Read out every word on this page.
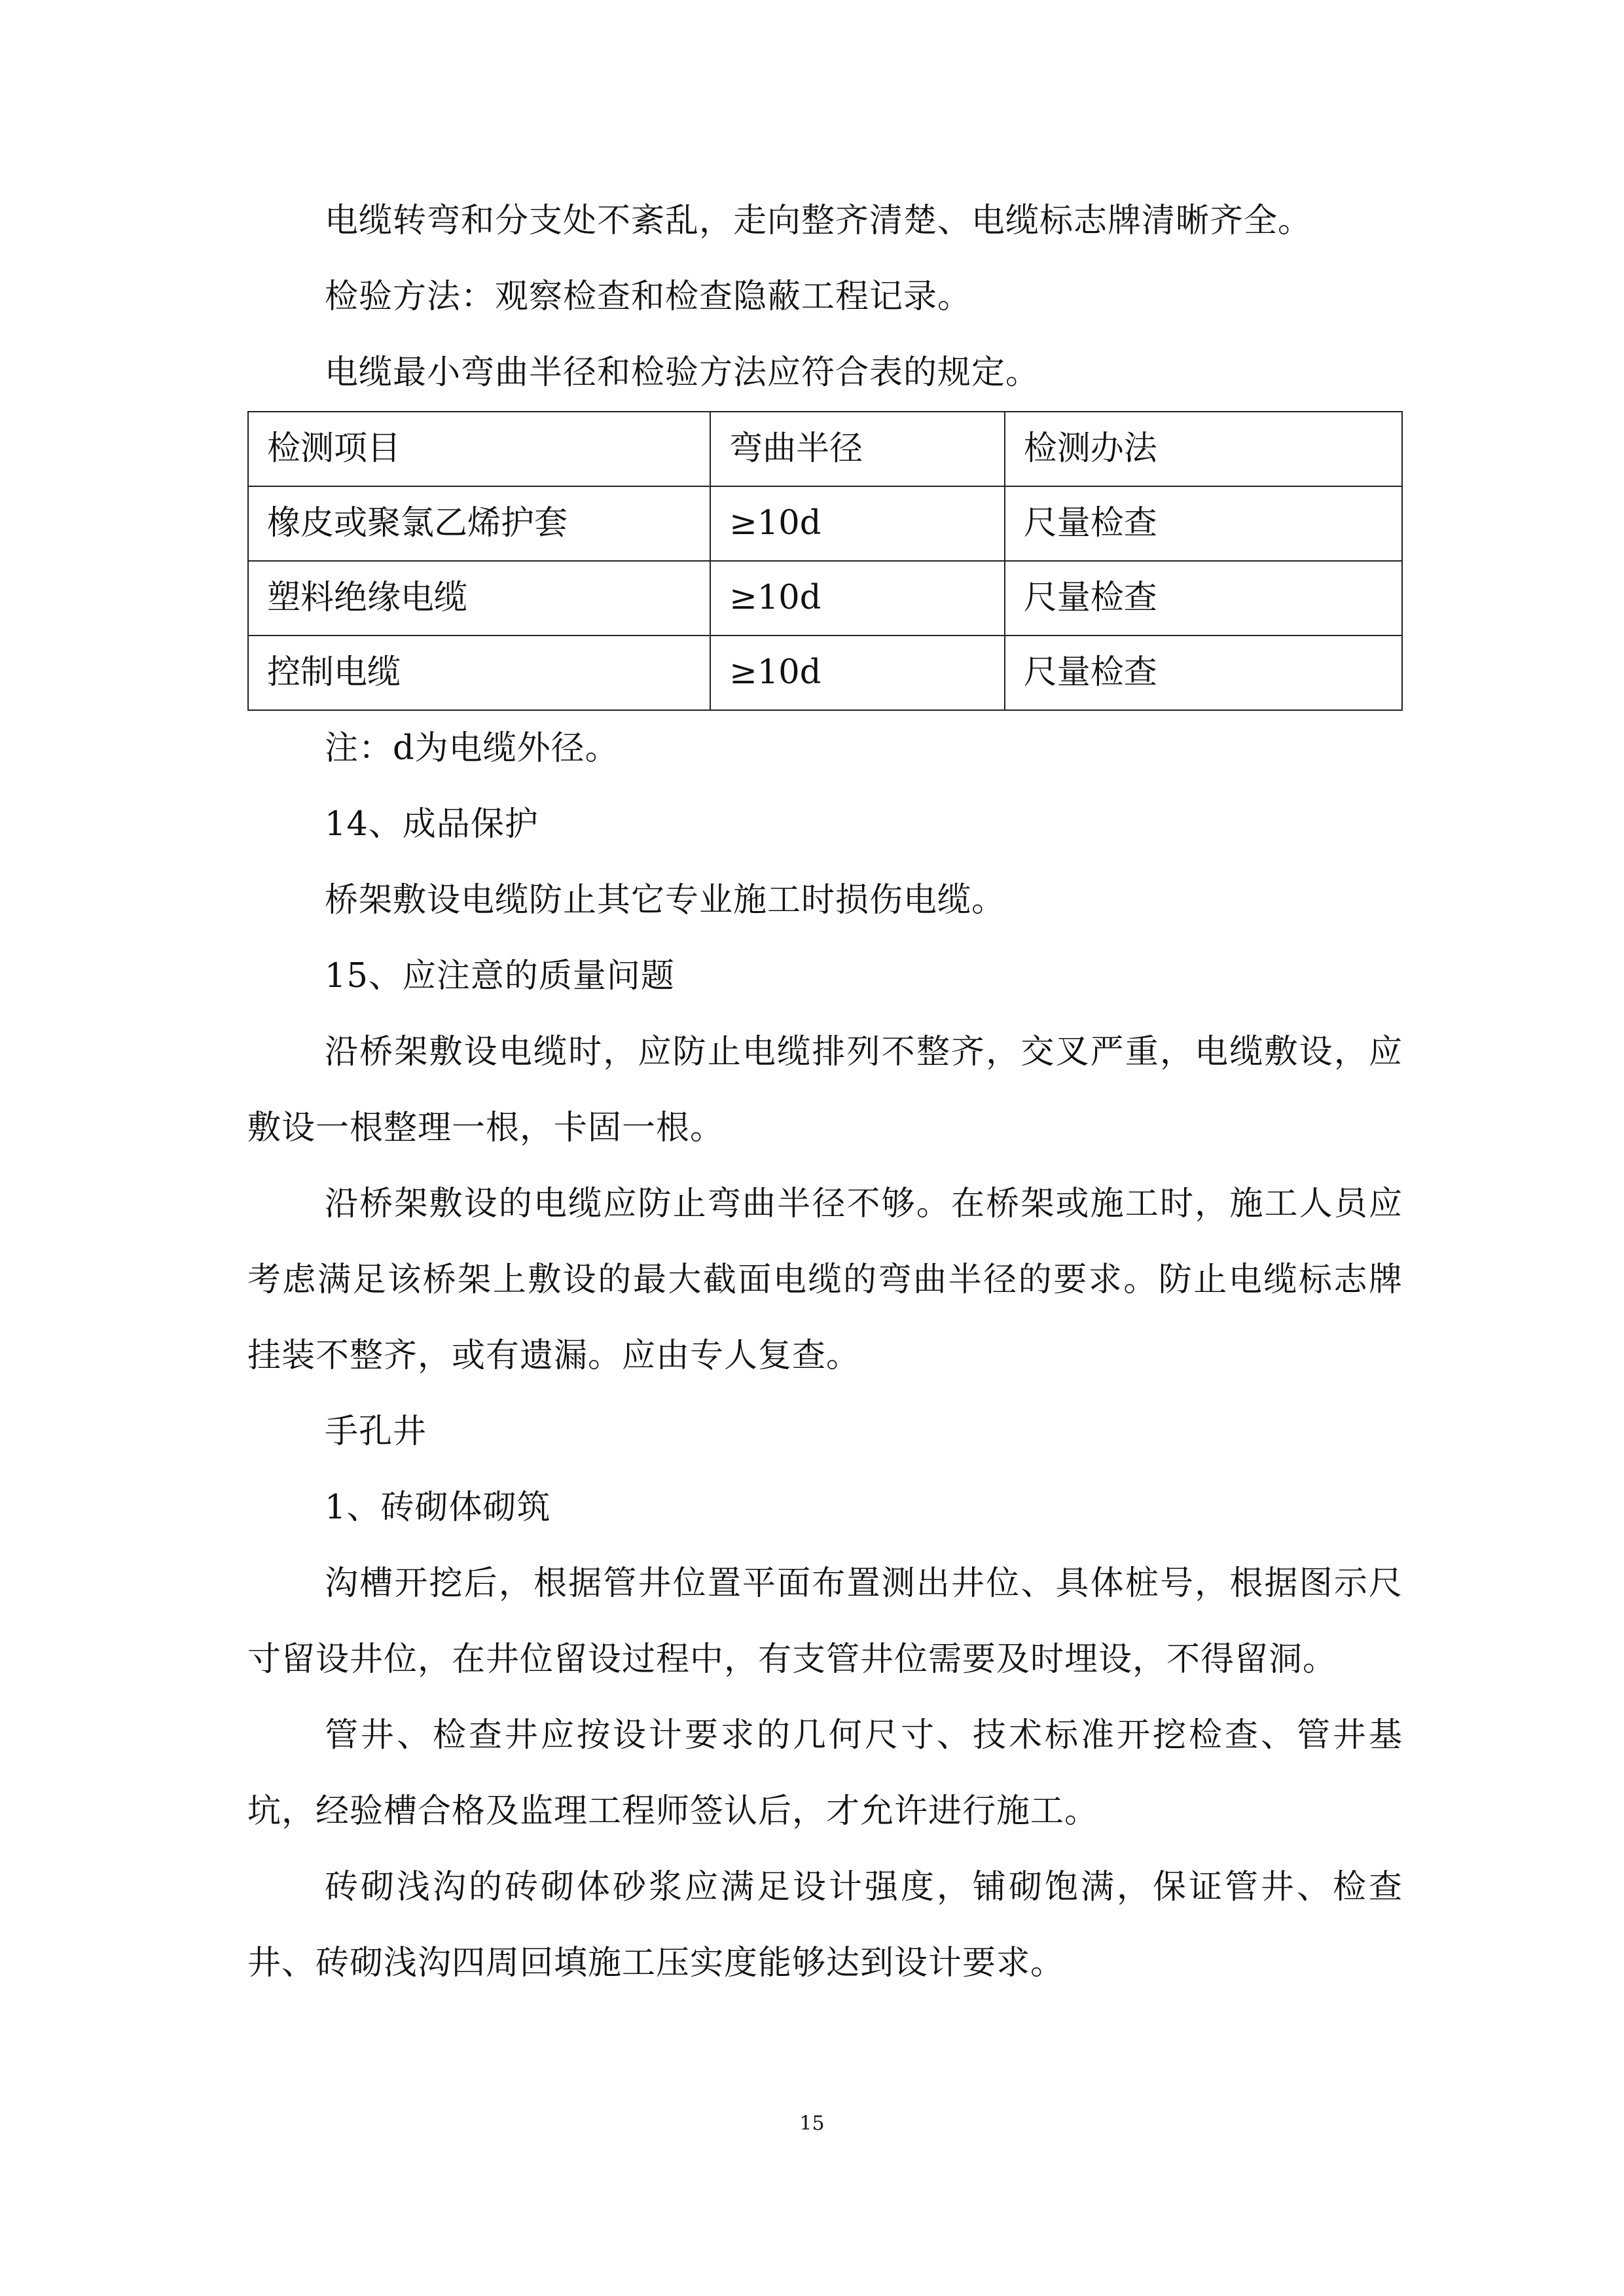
电缆转弯和分支处不紊乱，走向整齐清楚、电缆标志牌清晰齐全。

检验方法：观察检查和检查隐蔽工程记录。

电缆最小弯曲半径和检验方法应符合表的规定。

检测项目	弯曲半径	检测办法
橡皮或聚氯乙烯护套	≥10d	尺量检查
塑料绝缘电缆	≥10d	尺量检查
控制电缆	≥10d	尺量检查

注：d为电缆外径。

14、成品保护

桥架敷设电缆防止其它专业施工时损伤电缆。

15、应注意的质量问题

沿桥架敷设电缆时，应防止电缆排列不整齐，交叉严重，电缆敷设，应敷设一根整理一根，卡固一根。

沿桥架敷设的电缆应防止弯曲半径不够。在桥架或施工时，施工人员应考虑满足该桥架上敷设的最大截面电缆的弯曲半径的要求。防止电缆标志牌挂装不整齐，或有遗漏。应由专人复查。

手孔井

1、砖砌体砌筑

沟槽开挖后，根据管井位置平面布置测出井位、具体桩号，根据图示尺寸留设井位，在井位留设过程中，有支管井位需要及时埋设，不得留洞。

管井、检查井应按设计要求的几何尺寸、技术标准开挖检查、管井基坑，经验槽合格及监理工程师签认后，才允许进行施工。

砖砌浅沟的砖砌体砂浆应满足设计强度，铺砌饱满，保证管井、检查井、砖砌浅沟四周回填施工压实度能够达到设计要求。

15
